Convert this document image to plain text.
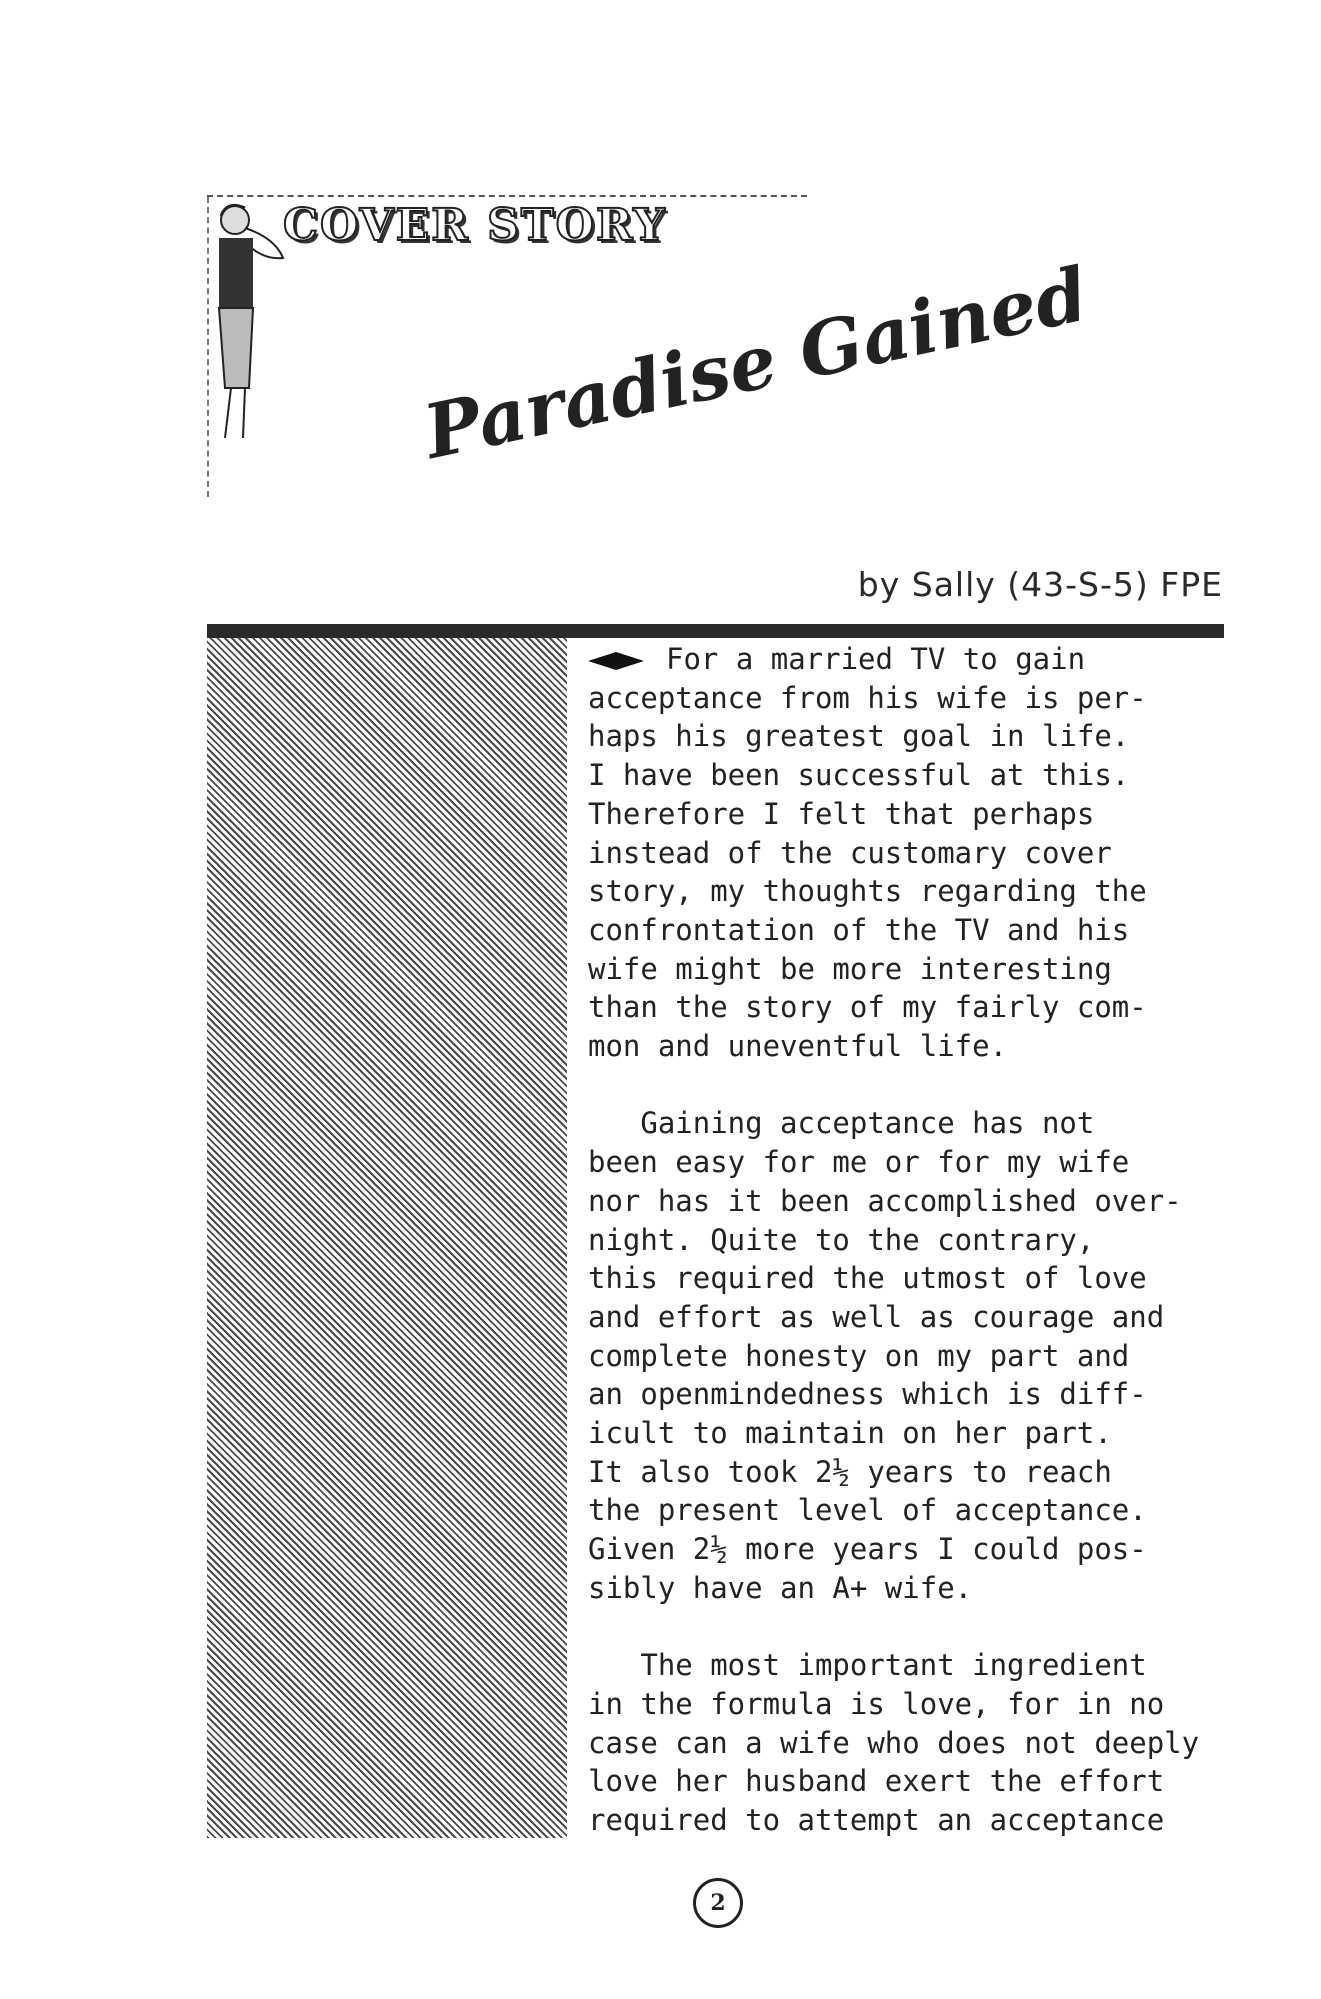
COVER STORY
Paradise Gained
by Sally (43-S-5) FPE

For a married TV to gain

acceptance from his wife is per-

haps his greatest goal in life.

I have been successful at this.

Therefore I felt that perhaps

instead of the customary cover

story, my thoughts regarding the

confrontation of the TV and his

wife might be more interesting

than the story of my fairly com-

mon and uneventful life.

Gaining acceptance has not

been easy for me or for my wife

nor has it been accomplished over-

night. Quite to the contrary,

this required the utmost of love

and effort as well as courage and

complete honesty on my part and

an openmindedness which is diff-

icult to maintain on her part.

It also took 2½ years to reach

the present level of acceptance.

Given 2½ more years I could pos-

sibly have an A+ wife.

The most important ingredient

in the formula is love, for in no

case can a wife who does not deeply

love her husband exert the effort

required to attempt an acceptance

2
